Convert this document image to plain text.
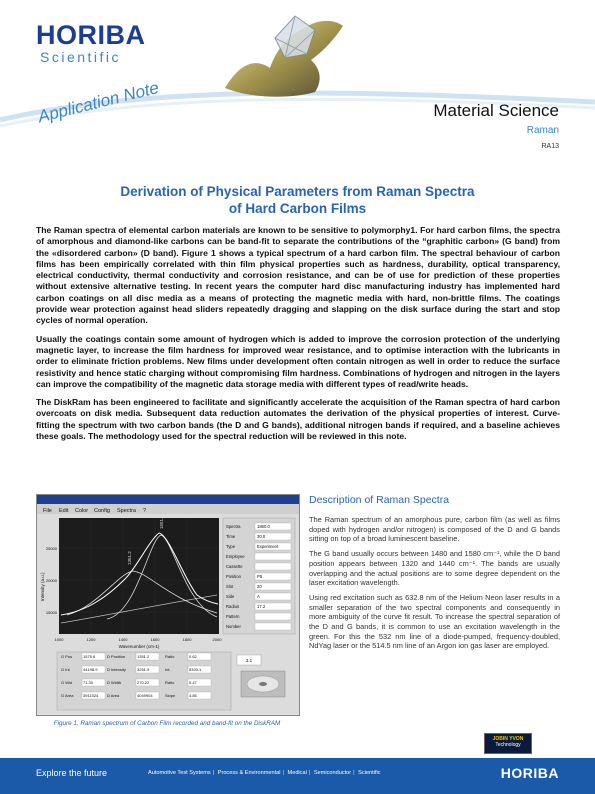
HORIBA
Scientific
Application Note	Material Science
Raman
RA13
Derivation of Physical Parameters from Raman Spectra
of Hard Carbon Films

The Raman spectra of elemental carbon materials are known to be sensitive to polymorphy1. For hard carbon films, the spectra of amorphous and diamond-like carbons can be band-fit to separate the contributions of the “graphitic carbon» (G band) from the «disordered carbon» (D band). Figure 1 shows a typical spectrum of a hard carbon film. The spectral behaviour of carbon films has been empirically correlated with thin film physical properties such as hardness, durability, optical transparency, electrical conductivity, thermal conductivity and corrosion resistance, and can be of use for prediction of these properties without extensive alternative testing. In recent years the computer hard disc manufacturing industry has implemented hard carbon coatings on all disc media as a means of protecting the magnetic media with hard, non-brittle films. The coatings provide wear protection against head sliders repeatedly dragging and slapping on the disk surface during the start and stop cycles of normal operation.

Usually the coatings contain some amount of hydrogen which is added to improve the corrosion protection of the underlying magnetic layer, to increase the film hardness for improved wear resistance, and to optimise interaction with the lubricants in order to eliminate friction problems. New films under development often contain nitrogen as well in order to reduce the surface resistivity and hence static charging without compromising film hardness. Combinations of hydrogen and nitrogen in the layers can improve the compatibility of the magnetic data storage media with different types of read/write heads.

The DiskRam has been engineered to facilitate and significantly accelerate the acquisition of the Raman spectra of hard carbon overcoats on disk media. Subsequent data reduction automates the derivation of the physical properties of interest. Curve-fitting the spectrum with two carbon bands (the D and G bands), additional nitrogen bands if required, and a baseline achieves these goals. The methodology used for the spectral reduction will be reviewed in this note.

File Edit Color Config Spectra ?
1351.2
1551.4
25000
20000
15000
Intensity (a.u.)
1000	1200	1400	1600	1800	2000
Wavenumber (cm-1)
Spectra	1860.0
Time	30.0
Type	Experiment
Employee
Cassette
Position	P5
Slot	20
Side	A
Radius	17.2
Pattern
Number
G Pos	1575.6	D Position	1351.2	Ratio	0.62
G Int	44198.9 D Intensity	3251.9	Int.	5320.1
G Wid	71.30	D Width	270.22	Ratio	0.47
G Area 3911524 D Area	4049904	Slope	4.85
3.1
Figure 1. Raman spectrum of Carbon Film recorded and band-fit on the DiskRAM
Description of Raman Spectra

The Raman spectrum of an amorphous pure, carbon film (as well as films doped with hydrogen and/or nitrogen) is composed of the D and G bands sitting on top of a broad luminescent baseline.

The G band usually occurs between 1480 and 1580 cm⁻¹, while the D band position appears between 1320 and 1440 cm⁻¹. The bands are usually overlapping and the actual positions are to some degree dependent on the laser excitation wavelength.

Using red excitation such as 632.8 nm of the Helium Neon laser results in a smaller separation of the two spectral components and consequently in more ambiguity of the curve fit result. To increase the spectral separation of the D and G bands, it is common to use an excitation wavelength in the green. For this the 532 nm line of a diode-pumped, frequency-doubled, NdYag laser or the 514.5 nm line of an Argon ion gas laser are employed.

JOBIN YVON
Technology
Explore the future	Automotive Test Systems | Process & Environmental | Medical | Semiconductor | Scientific	HORIBA
